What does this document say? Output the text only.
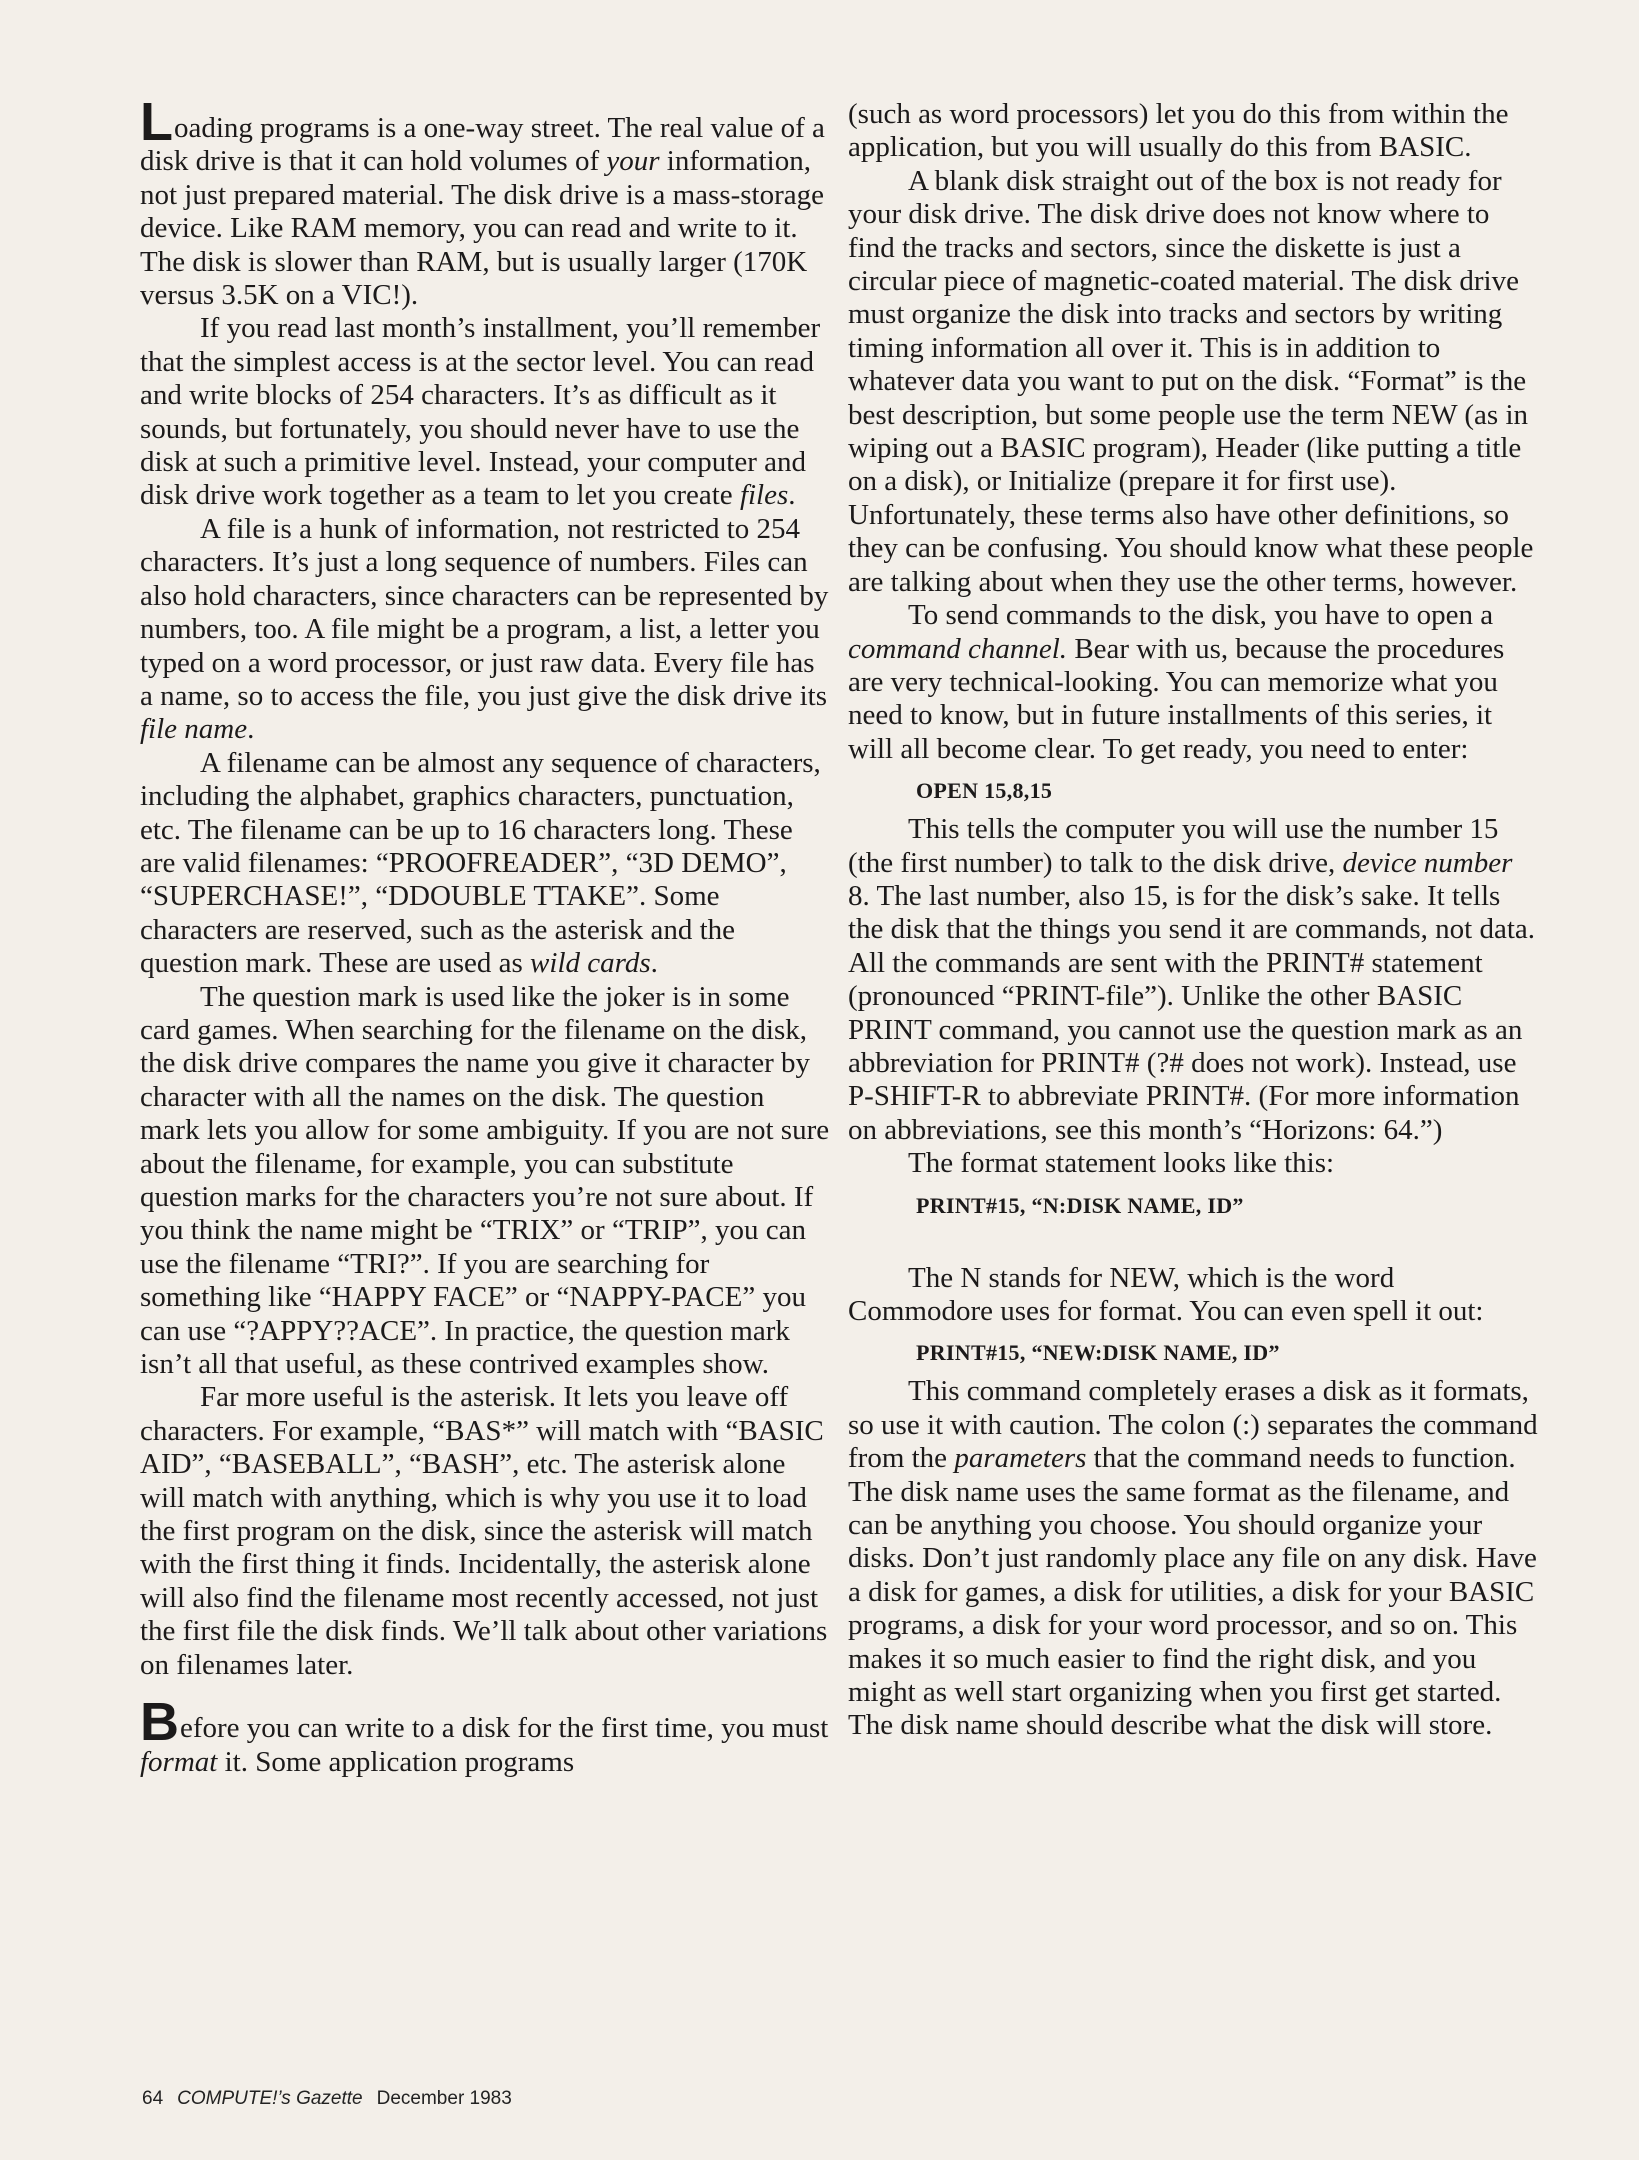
Loading programs is a one-way street. The real value of a disk drive is that it can hold volumes of your information, not just prepared material. The disk drive is a mass-storage device. Like RAM memory, you can read and write to it. The disk is slower than RAM, but is usually larger (170K versus 3.5K on a VIC!).

If you read last month’s installment, you’ll remember that the simplest access is at the sector level. You can read and write blocks of 254 characters. It’s as difficult as it sounds, but fortunately, you should never have to use the disk at such a primitive level. Instead, your computer and disk drive work together as a team to let you create files.

A file is a hunk of information, not restricted to 254 characters. It’s just a long sequence of numbers. Files can also hold characters, since characters can be represented by numbers, too. A file might be a program, a list, a letter you typed on a word processor, or just raw data. Every file has a name, so to access the file, you just give the disk drive its file name.

A filename can be almost any sequence of characters, including the alphabet, graphics characters, punctuation, etc. The filename can be up to 16 characters long. These are valid filenames: “PROOFREADER”, “3D DEMO”, “SUPERCHASE!”, “DDOUBLE TTAKE”. Some characters are reserved, such as the asterisk and the question mark. These are used as wild cards.

The question mark is used like the joker is in some card games. When searching for the filename on the disk, the disk drive compares the name you give it character by character with all the names on the disk. The question mark lets you allow for some ambiguity. If you are not sure about the filename, for example, you can substitute question marks for the characters you’re not sure about. If you think the name might be “TRIX” or “TRIP”, you can use the filename “TRI?”. If you are searching for something like “HAPPY FACE” or “NAPPY-PACE” you can use “?APPY??ACE”. In practice, the question mark isn’t all that useful, as these contrived examples show.

Far more useful is the asterisk. It lets you leave off characters. For example, “BAS*” will match with “BASIC AID”, “BASEBALL”, “BASH”, etc. The asterisk alone will match with anything, which is why you use it to load the first program on the disk, since the asterisk will match with the first thing it finds. Incidentally, the asterisk alone will also find the filename most recently accessed, not just the first file the disk finds. We’ll talk about other variations on filenames later.

Before you can write to a disk for the first time, you must format it. Some application programs

(such as word processors) let you do this from within the application, but you will usually do this from BASIC.

A blank disk straight out of the box is not ready for your disk drive. The disk drive does not know where to find the tracks and sectors, since the diskette is just a circular piece of magnetic-coated material. The disk drive must organize the disk into tracks and sectors by writing timing information all over it. This is in addition to whatever data you want to put on the disk. “Format” is the best description, but some people use the term NEW (as in wiping out a BASIC program), Header (like putting a title on a disk), or Initialize (prepare it for first use). Unfortunately, these terms also have other definitions, so they can be confusing. You should know what these people are talking about when they use the other terms, however.

To send commands to the disk, you have to open a command channel. Bear with us, because the procedures are very technical-looking. You can memorize what you need to know, but in future installments of this series, it will all become clear. To get ready, you need to enter:

OPEN 15,8,15

This tells the computer you will use the number 15 (the first number) to talk to the disk drive, device number 8. The last number, also 15, is for the disk’s sake. It tells the disk that the things you send it are commands, not data. All the commands are sent with the PRINT# statement (pronounced “PRINT-file”). Unlike the other BASIC PRINT command, you cannot use the question mark as an abbreviation for PRINT# (?# does not work). Instead, use P-SHIFT-R to abbreviate PRINT#. (For more information on abbreviations, see this month’s “Horizons: 64.”)

The format statement looks like this:

PRINT#15, “N:DISK NAME, ID”

The N stands for NEW, which is the word Commodore uses for format. You can even spell it out:

PRINT#15, “NEW:DISK NAME, ID”

This command completely erases a disk as it formats, so use it with caution. The colon (:) separates the command from the parameters that the command needs to function. The disk name uses the same format as the filename, and can be anything you choose. You should organize your disks. Don’t just randomly place any file on any disk. Have a disk for games, a disk for utilities, a disk for your BASIC programs, a disk for your word processor, and so on. This makes it so much easier to find the right disk, and you might as well start organizing when you first get started. The disk name should describe what the disk will store.

64 COMPUTE!’s Gazette December 1983
